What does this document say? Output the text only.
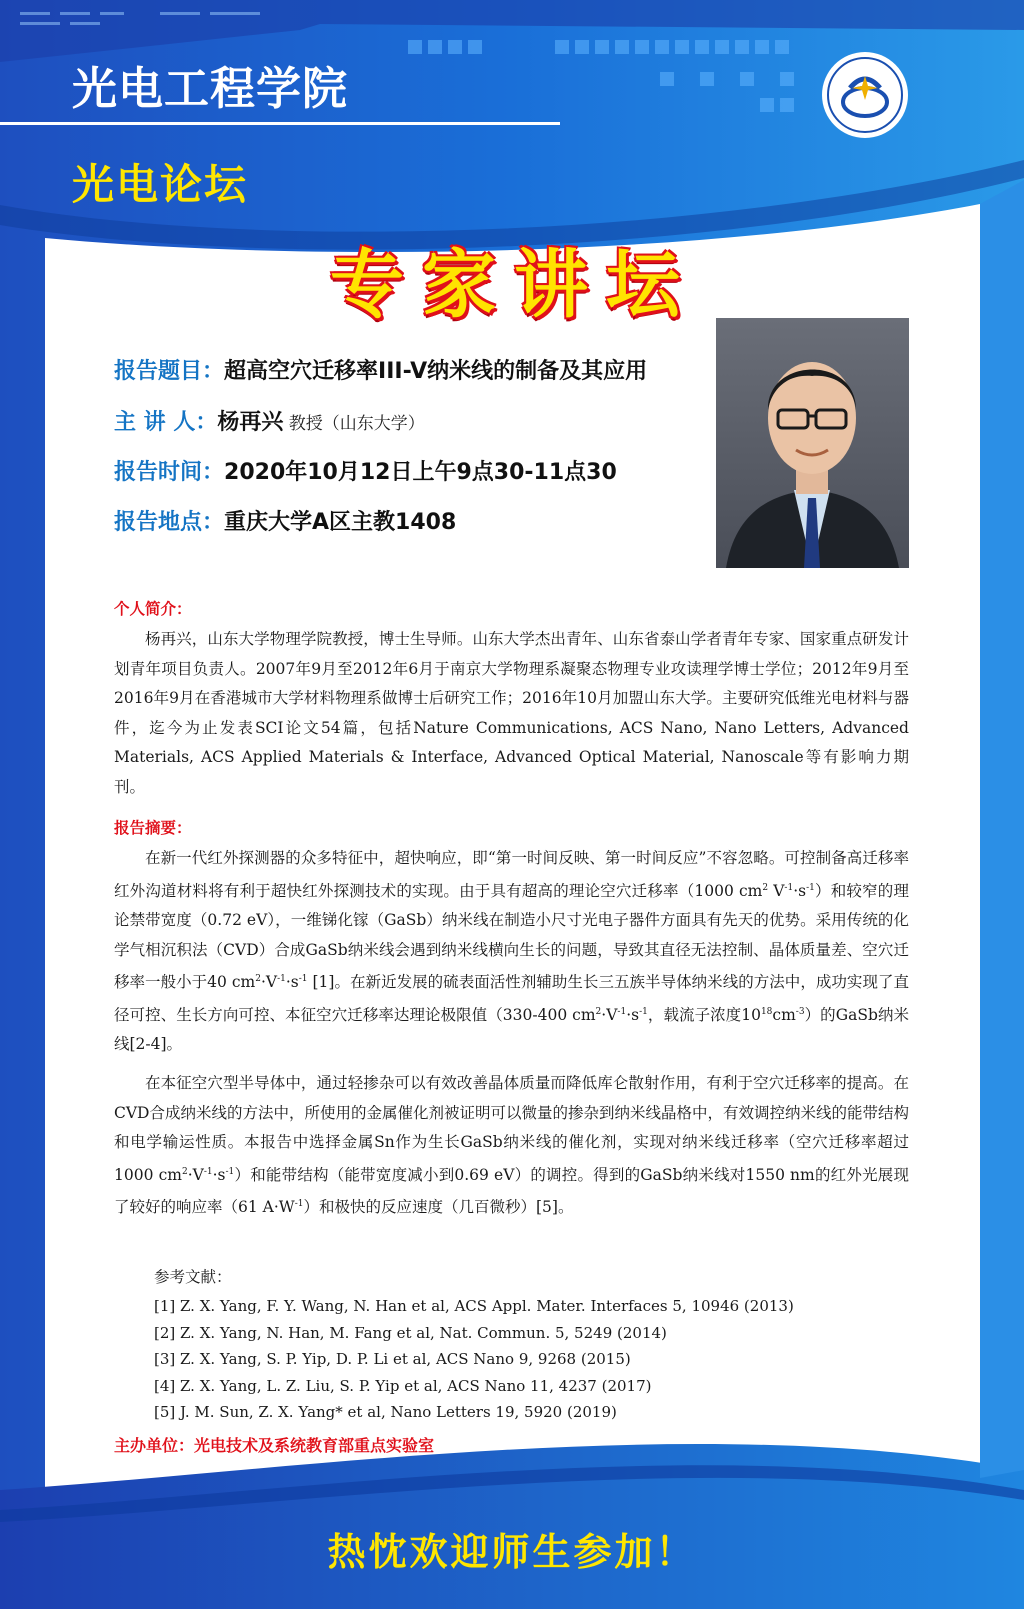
光电工程学院
光电论坛
专家讲坛
报告题目：超高空穴迁移率III-V纳米线的制备及其应用
主 讲 人：杨再兴 教授（山东大学）
报告时间：2020年10月12日上午9点30-11点30
报告地点：重庆大学A区主教1408
个人简介：

杨再兴，山东大学物理学院教授，博士生导师。山东大学杰出青年、山东省泰山学者青年专家、国家重点研发计划青年项目负责人。2007年9月至2012年6月于南京大学物理系凝聚态物理专业攻读理学博士学位；2012年9月至2016年9月在香港城市大学材料物理系做博士后研究工作；2016年10月加盟山东大学。主要研究低维光电材料与器件，迄今为止发表SCI论文54篇，包括Nature Communications, ACS Nano, Nano Letters, Advanced Materials, ACS Applied Materials & Interface, Advanced Optical Material, Nanoscale等有影响力期刊。

报告摘要：

在新一代红外探测器的众多特征中，超快响应，即“第一时间反映、第一时间反应”不容忽略。可控制备高迁移率红外沟道材料将有利于超快红外探测技术的实现。由于具有超高的理论空穴迁移率（1000 $cm^2$ $V^{-1}\cdot s^{-1}$）和较窄的理论禁带宽度（0.72 eV），一维锑化镓（GaSb）纳米线在制造小尺寸光电子器件方面具有先天的优势。采用传统的化学气相沉积法（CVD）合成GaSb纳米线会遇到纳米线横向生长的问题，导致其直径无法控制、晶体质量差、空穴迁移率一般小于40 $cm^2\cdot V^{-1}\cdot s^{-1}$ [1]。在新近发展的硫表面活性剂辅助生长三五族半导体纳米线的方法中，成功实现了直径可控、生长方向可控、本征空穴迁移率达理论极限值（330-400 $cm^2\cdot V^{-1}\cdot s^{-1}$，载流子浓度$10^{18}cm^{-3}$）的GaSb纳米线[2-4]。

在本征空穴型半导体中，通过轻掺杂可以有效改善晶体质量而降低库仑散射作用，有利于空穴迁移率的提高。在CVD合成纳米线的方法中，所使用的金属催化剂被证明可以微量的掺杂到纳米线晶格中，有效调控纳米线的能带结构和电学输运性质。本报告中选择金属Sn作为生长GaSb纳米线的催化剂，实现对纳米线迁移率（空穴迁移率超过1000 $cm^2\cdot V^{-1}\cdot s^{-1}$）和能带结构（能带宽度减小到0.69 eV）的调控。得到的GaSb纳米线对1550 nm的红外光展现了较好的响应率（61 $A\cdot W^{-1}$）和极快的反应速度（几百微秒）[5]。

参考文献：
[1] Z. X. Yang, F. Y. Wang, N. Han et al, ACS Appl. Mater. Interfaces 5, 10946 (2013)
[2] Z. X. Yang, N. Han, M. Fang et al, Nat. Commun. 5, 5249 (2014)
[3] Z. X. Yang, S. P. Yip, D. P. Li et al, ACS Nano 9, 9268 (2015)
[4] Z. X. Yang, L. Z. Liu, S. P. Yip et al, ACS Nano 11, 4237 (2017)
[5] J. M. Sun, Z. X. Yang* et al, Nano Letters 19, 5920 (2019)
主办单位：光电技术及系统教育部重点实验室
热忱欢迎师生参加！
